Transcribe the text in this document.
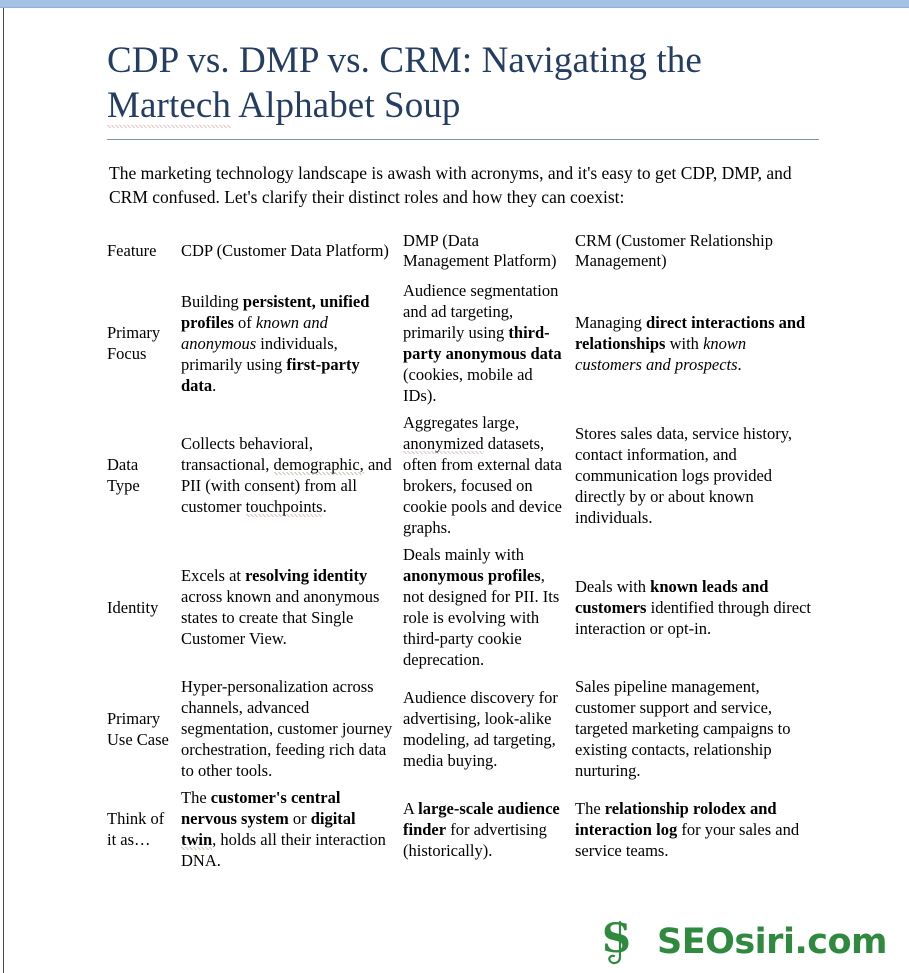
CDP vs. DMP vs. CRM: Navigating the
Martech Alphabet Soup

The marketing technology landscape is awash with acronyms, and it's easy to get CDP, DMP, and CRM confused. Let's clarify their distinct roles and how they can coexist:

Feature	CDP (Customer Data Platform)	DMP (Data Management Platform)	CRM (Customer Relationship Management)
Primary Focus	Building persistent, unified profiles of known and anonymous individuals, primarily using first-party data.	Audience segmentation and ad targeting, primarily using third-party anonymous data (cookies, mobile ad IDs).	Managing direct interactions and relationships with known customers and prospects.
Data Type	Collects behavioral, transactional, demographic, and PII (with consent) from all customer touchpoints.	Aggregates large, anonymized datasets, often from external data brokers, focused on cookie pools and device graphs.	Stores sales data, service history, contact information, and communication logs provided directly by or about known individuals.
Identity	Excels at resolving identity across known and anonymous states to create that Single Customer View.	Deals mainly with anonymous profiles, not designed for PII. Its role is evolving with third-party cookie deprecation.	Deals with known leads and customers identified through direct interaction or opt-in.
Primary Use Case	Hyper-personalization across channels, advanced segmentation, customer journey orchestration, feeding rich data to other tools.	Audience discovery for advertising, look-alike modeling, ad targeting, media buying.	Sales pipeline management, customer support and service, targeted marketing campaigns to existing contacts, relationship nurturing.
Think of it as…	The customer's central nervous system or digital twin, holds all their interaction DNA.	A large-scale audience finder for advertising (historically).	The relationship rolodex and interaction log for your sales and service teams.
S SEOsiri.com
